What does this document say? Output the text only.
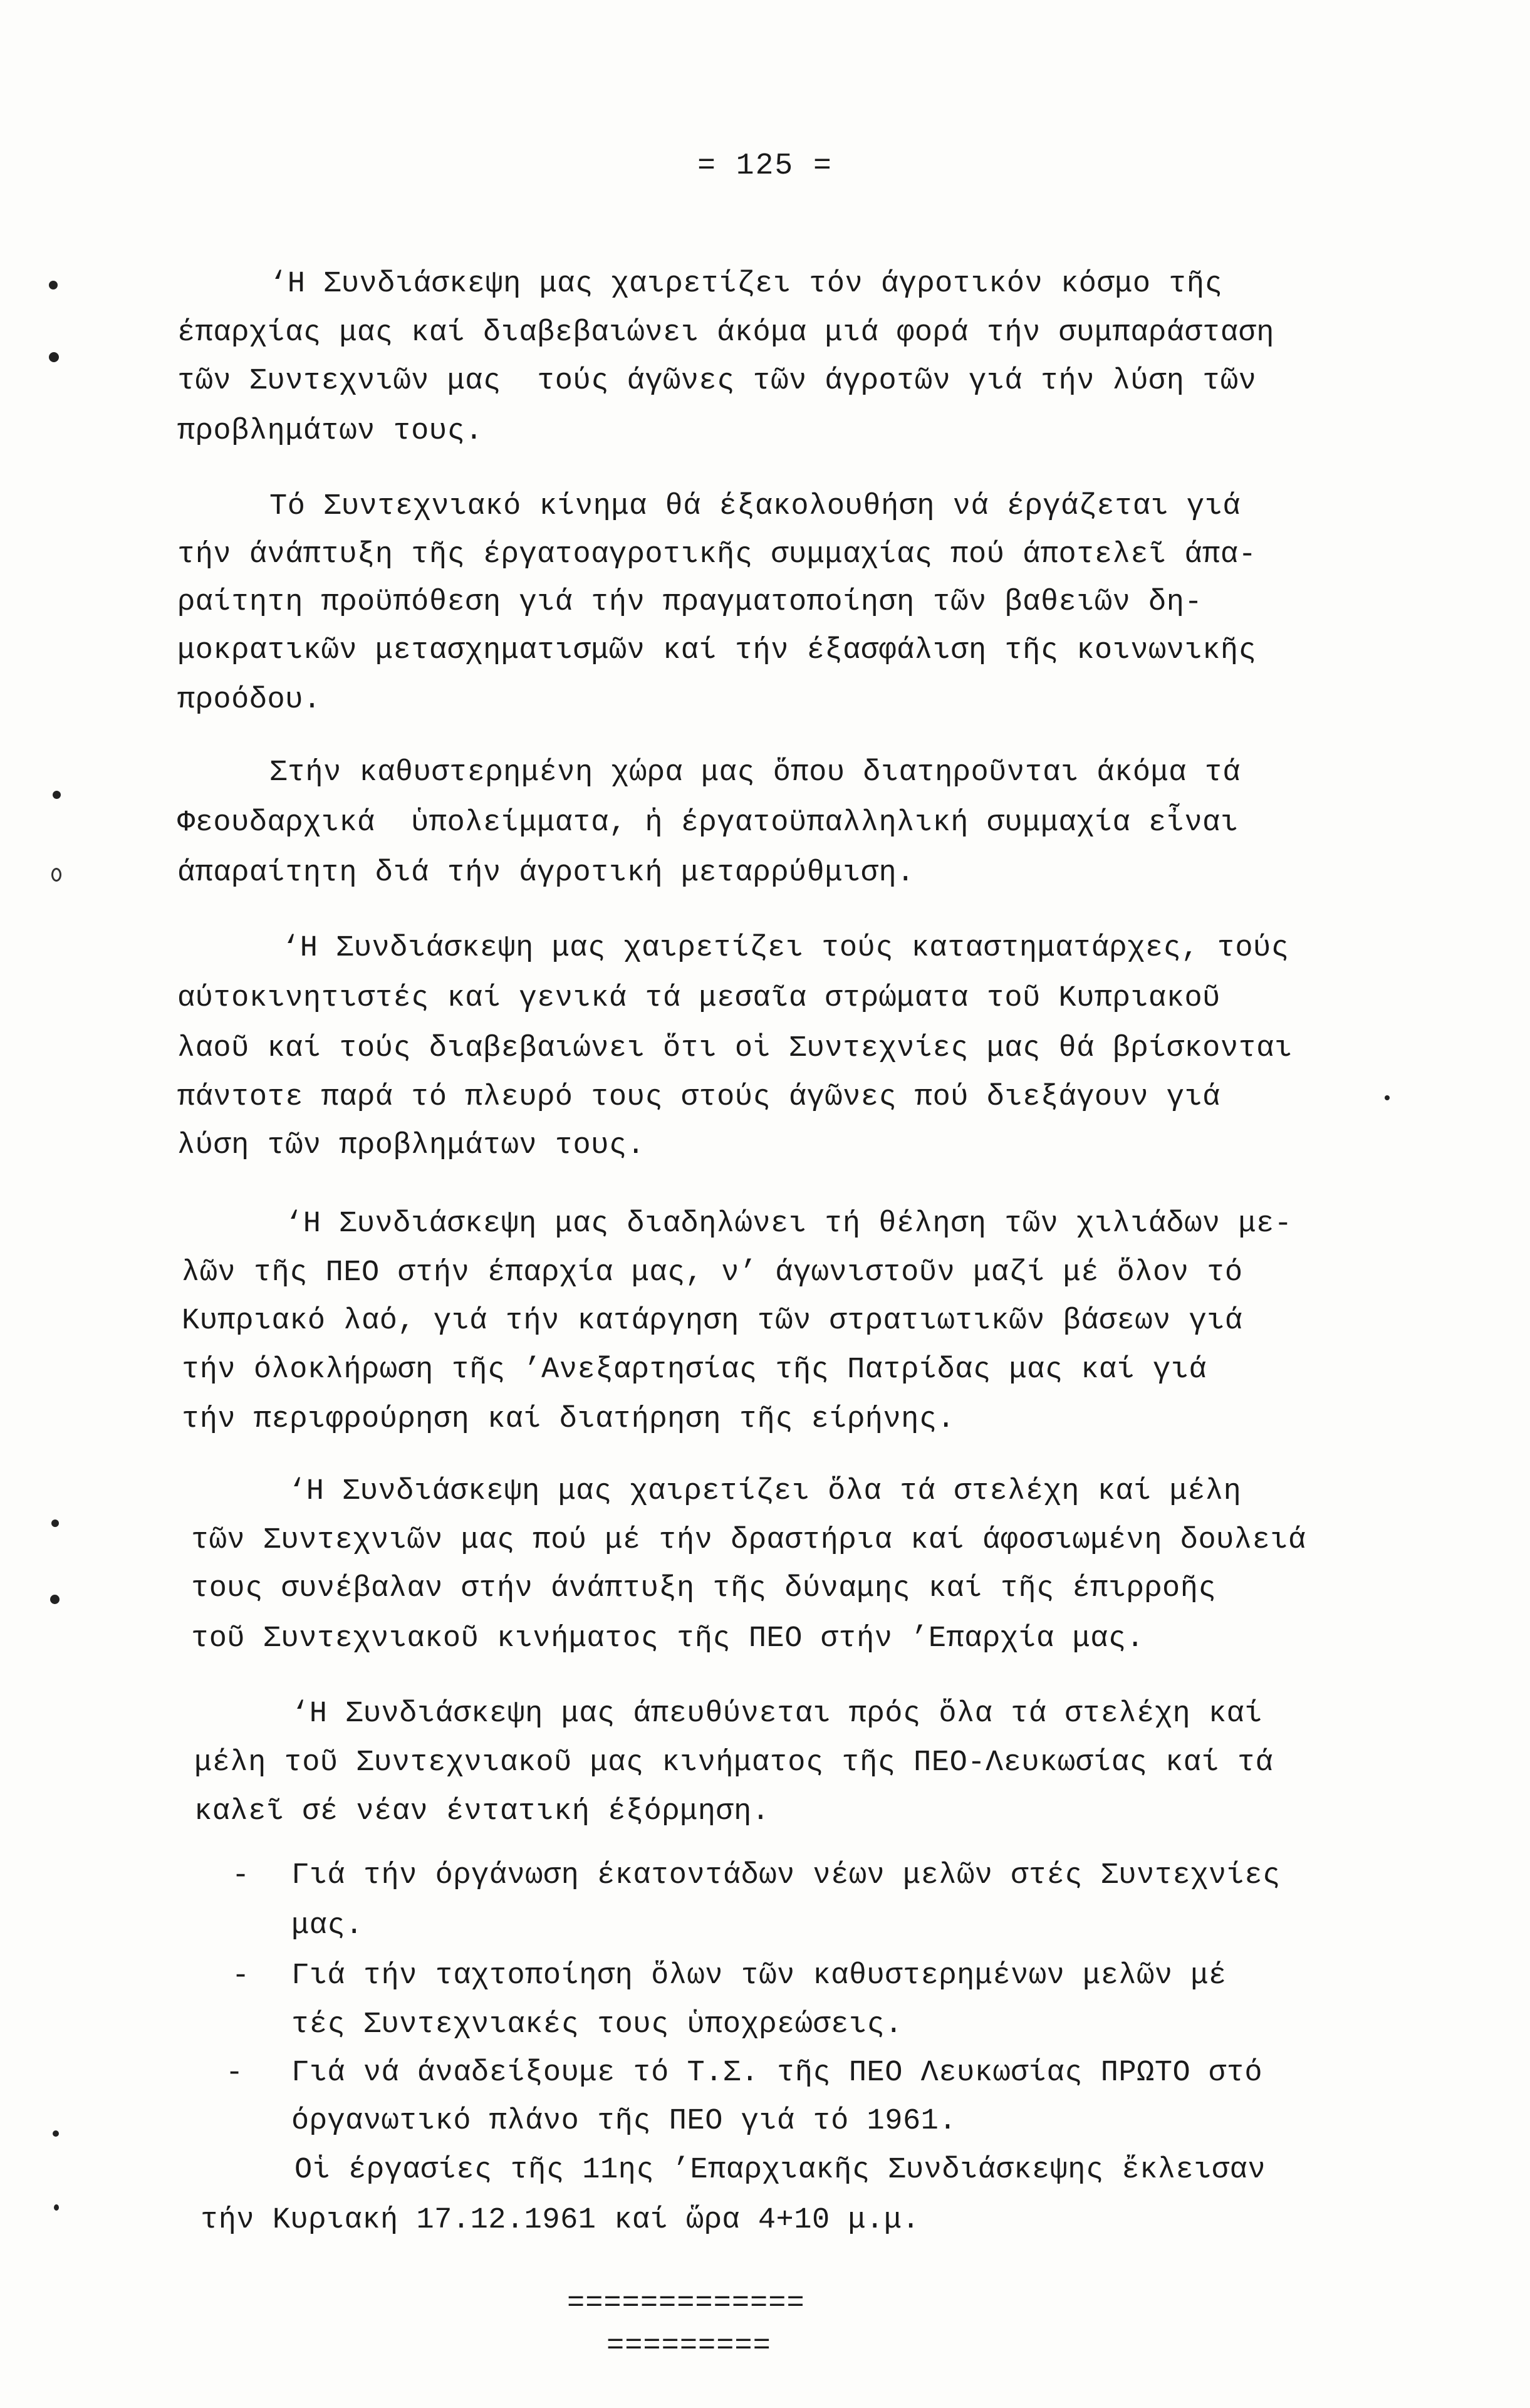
= 125 =
‘Η Συνδιάσκεψη μας χαιρετίζει τόν άγροτικόν κόσμο τῆς
έπαρχίας μας καί διαβεβαιώνει άκόμα μιά φορά τήν συμπαράσταση
τῶν Συντεχνιῶν μας  τούς άγῶνες τῶν άγροτῶν γιά τήν λύση τῶν
προβλημάτων τους.
Τό Συντεχνιακό κίνημα θά έξακολουθήση νά έργάζεται γιά
τήν άνάπτυξη τῆς έργατοαγροτικῆς συμμαχίας πού άποτελεῖ άπα-
ραίτητη προϋπόθεση γιά τήν πραγματοποίηση τῶν βαθειῶν δη-
μοκρατικῶν μετασχηματισμῶν καί τήν έξασφάλιση τῆς κοινωνικῆς
προόδου.
Στήν καθυστερημένη χώρα μας ὅπου διατηροῦνται άκόμα τά
Φεουδαρχικά  ὑπολείμματα, ἡ έργατοϋπαλληλική συμμαχία εἶναι
άπαραίτητη διά τήν άγροτική μεταρρύθμιση.
‘Η Συνδιάσκεψη μας χαιρετίζει τούς καταστηματάρχες, τούς
αύτοκινητιστές καί γενικά τά μεσαῖα στρώματα τοῦ Κυπριακοῦ
λαοῦ καί τούς διαβεβαιώνει ὅτι οἱ Συντεχνίες μας θά βρίσκονται
πάντοτε παρά τό πλευρό τους στούς άγῶνες πού διεξάγουν γιά
λύση τῶν προβλημάτων τους.
‘Η Συνδιάσκεψη μας διαδηλώνει τή θέληση τῶν χιλιάδων με-
λῶν τῆς ΠΕΟ στήν έπαρχία μας, ν’ άγωνιστοῦν μαζί μέ ὅλον τό
Κυπριακό λαό, γιά τήν κατάργηση τῶν στρατιωτικῶν βάσεων γιά
τήν όλοκλήρωση τῆς ’Ανεξαρτησίας τῆς Πατρίδας μας καί γιά
τήν περιφρούρηση καί διατήρηση τῆς είρήνης.
‘Η Συνδιάσκεψη μας χαιρετίζει ὅλα τά στελέχη καί μέλη
τῶν Συντεχνιῶν μας πού μέ τήν δραστήρια καί άφοσιωμένη δουλειά
τους συνέβαλαν στήν άνάπτυξη τῆς δύναμης καί τῆς έπιρροῆς
τοῦ Συντεχνιακοῦ κινήματος τῆς ΠΕΟ στήν ’Επαρχία μας.
‘Η Συνδιάσκεψη μας άπευθύνεται πρός ὅλα τά στελέχη καί
μέλη τοῦ Συντεχνιακοῦ μας κινήματος τῆς ΠΕΟ-Λευκωσίας καί τά
καλεῖ σέ νέαν έντατική έξόρμηση.
- Γιά τήν όργάνωση έκατοντάδων νέων μελῶν στές Συντεχνίες
μας.
- Γιά τήν ταχτοποίηση ὅλων τῶν καθυστερημένων μελῶν μέ
τές Συντεχνιακές τους ὑποχρεώσεις.
- Γιά νά άναδείξουμε τό Τ.Σ. τῆς ΠΕΟ Λευκωσίας ΠΡΩΤΟ στό
όργανωτικό πλάνο τῆς ΠΕΟ γιά τό 1961.
Οἱ έργασίες τῆς 11ης ’Επαρχιακῆς Συνδιάσκεψης ἔκλεισαν
τήν Κυριακή 17.12.1961 καί ὥρα 4+10 μ.μ.
=============
=========
